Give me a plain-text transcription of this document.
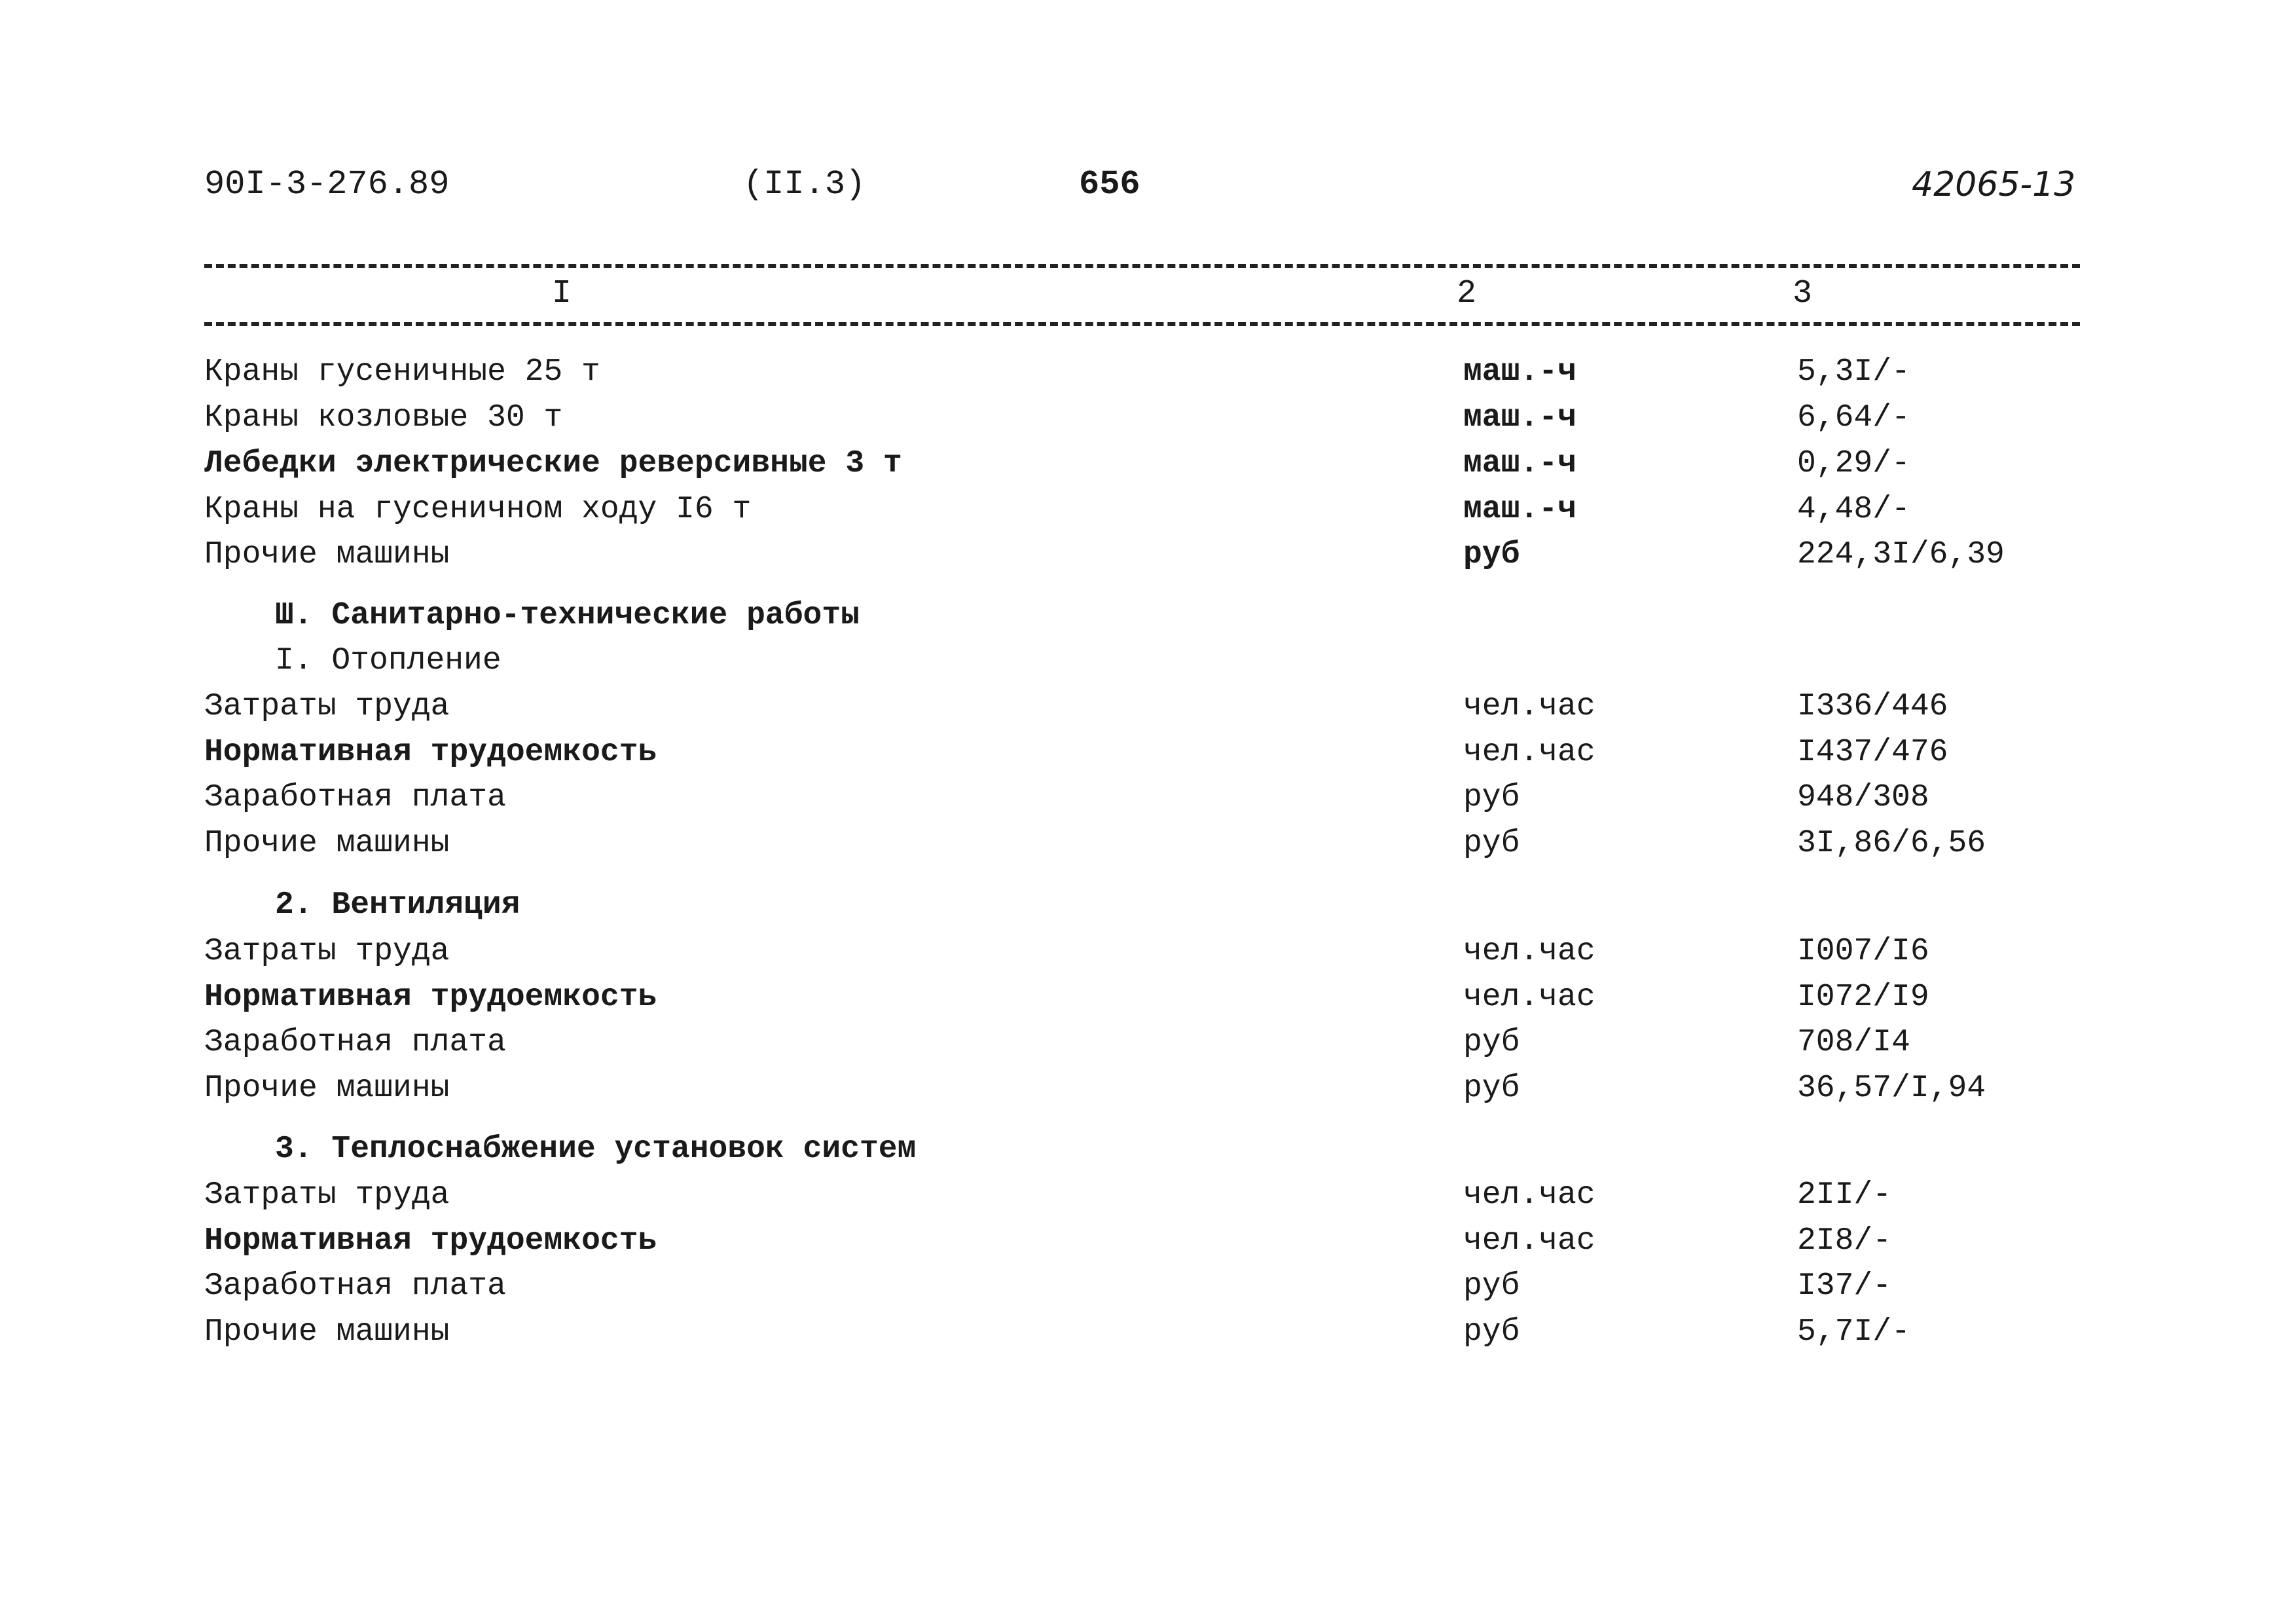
90I-3-276.89	(II.3)	656	42065-13
I	2	3
Краны гусеничные 25 т	маш.-ч	5,3I/-
Краны козловые 30 т	маш.-ч	6,64/-
Лебедки электрические реверсивные 3 т	маш.-ч	0,29/-
Краны на гусеничном ходу I6 т	маш.-ч	4,48/-
Прочие машины	руб	224,3I/6,39
Ш. Санитарно-технические работы
I. Отопление
Затраты труда	чел.час	I336/446
Нормативная трудоемкость	чел.час	I437/476
Заработная плата	руб	948/308
Прочие машины	руб	3I,86/6,56
2. Вентиляция
Затраты труда	чел.час	I007/I6
Нормативная трудоемкость	чел.час	I072/I9
Заработная плата	руб	708/I4
Прочие машины	руб	36,57/I,94
3. Теплоснабжение установок систем
Затраты труда	чел.час	2II/-
Нормативная трудоемкость	чел.час	2I8/-
Заработная плата	руб	I37/-
Прочие машины	руб	5,7I/-
